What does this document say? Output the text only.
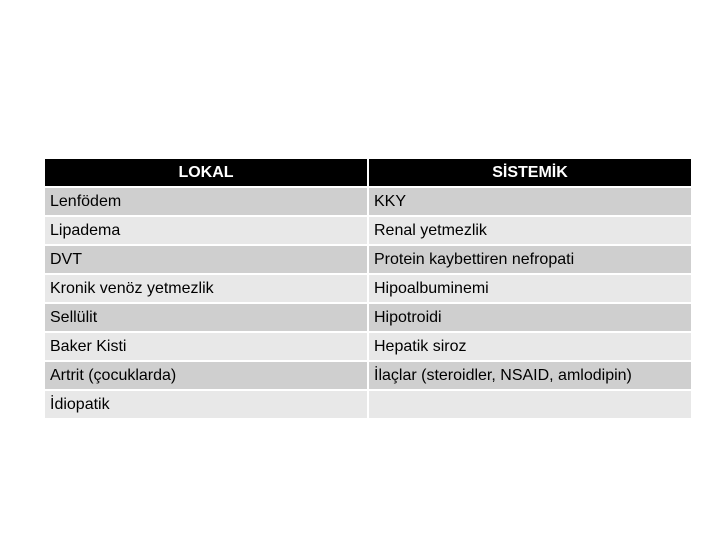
LOKAL	SİSTEMİK
Lenfödem	KKY
Lipadema	Renal yetmezlik
DVT	Protein kaybettiren nefropati
Kronik venöz yetmezlik	Hipoalbuminemi
Sellülit	Hipotroidi
Baker Kisti	Hepatik siroz
Artrit (çocuklarda)	İlaçlar (steroidler, NSAID, amlodipin)
İdiopatik	
